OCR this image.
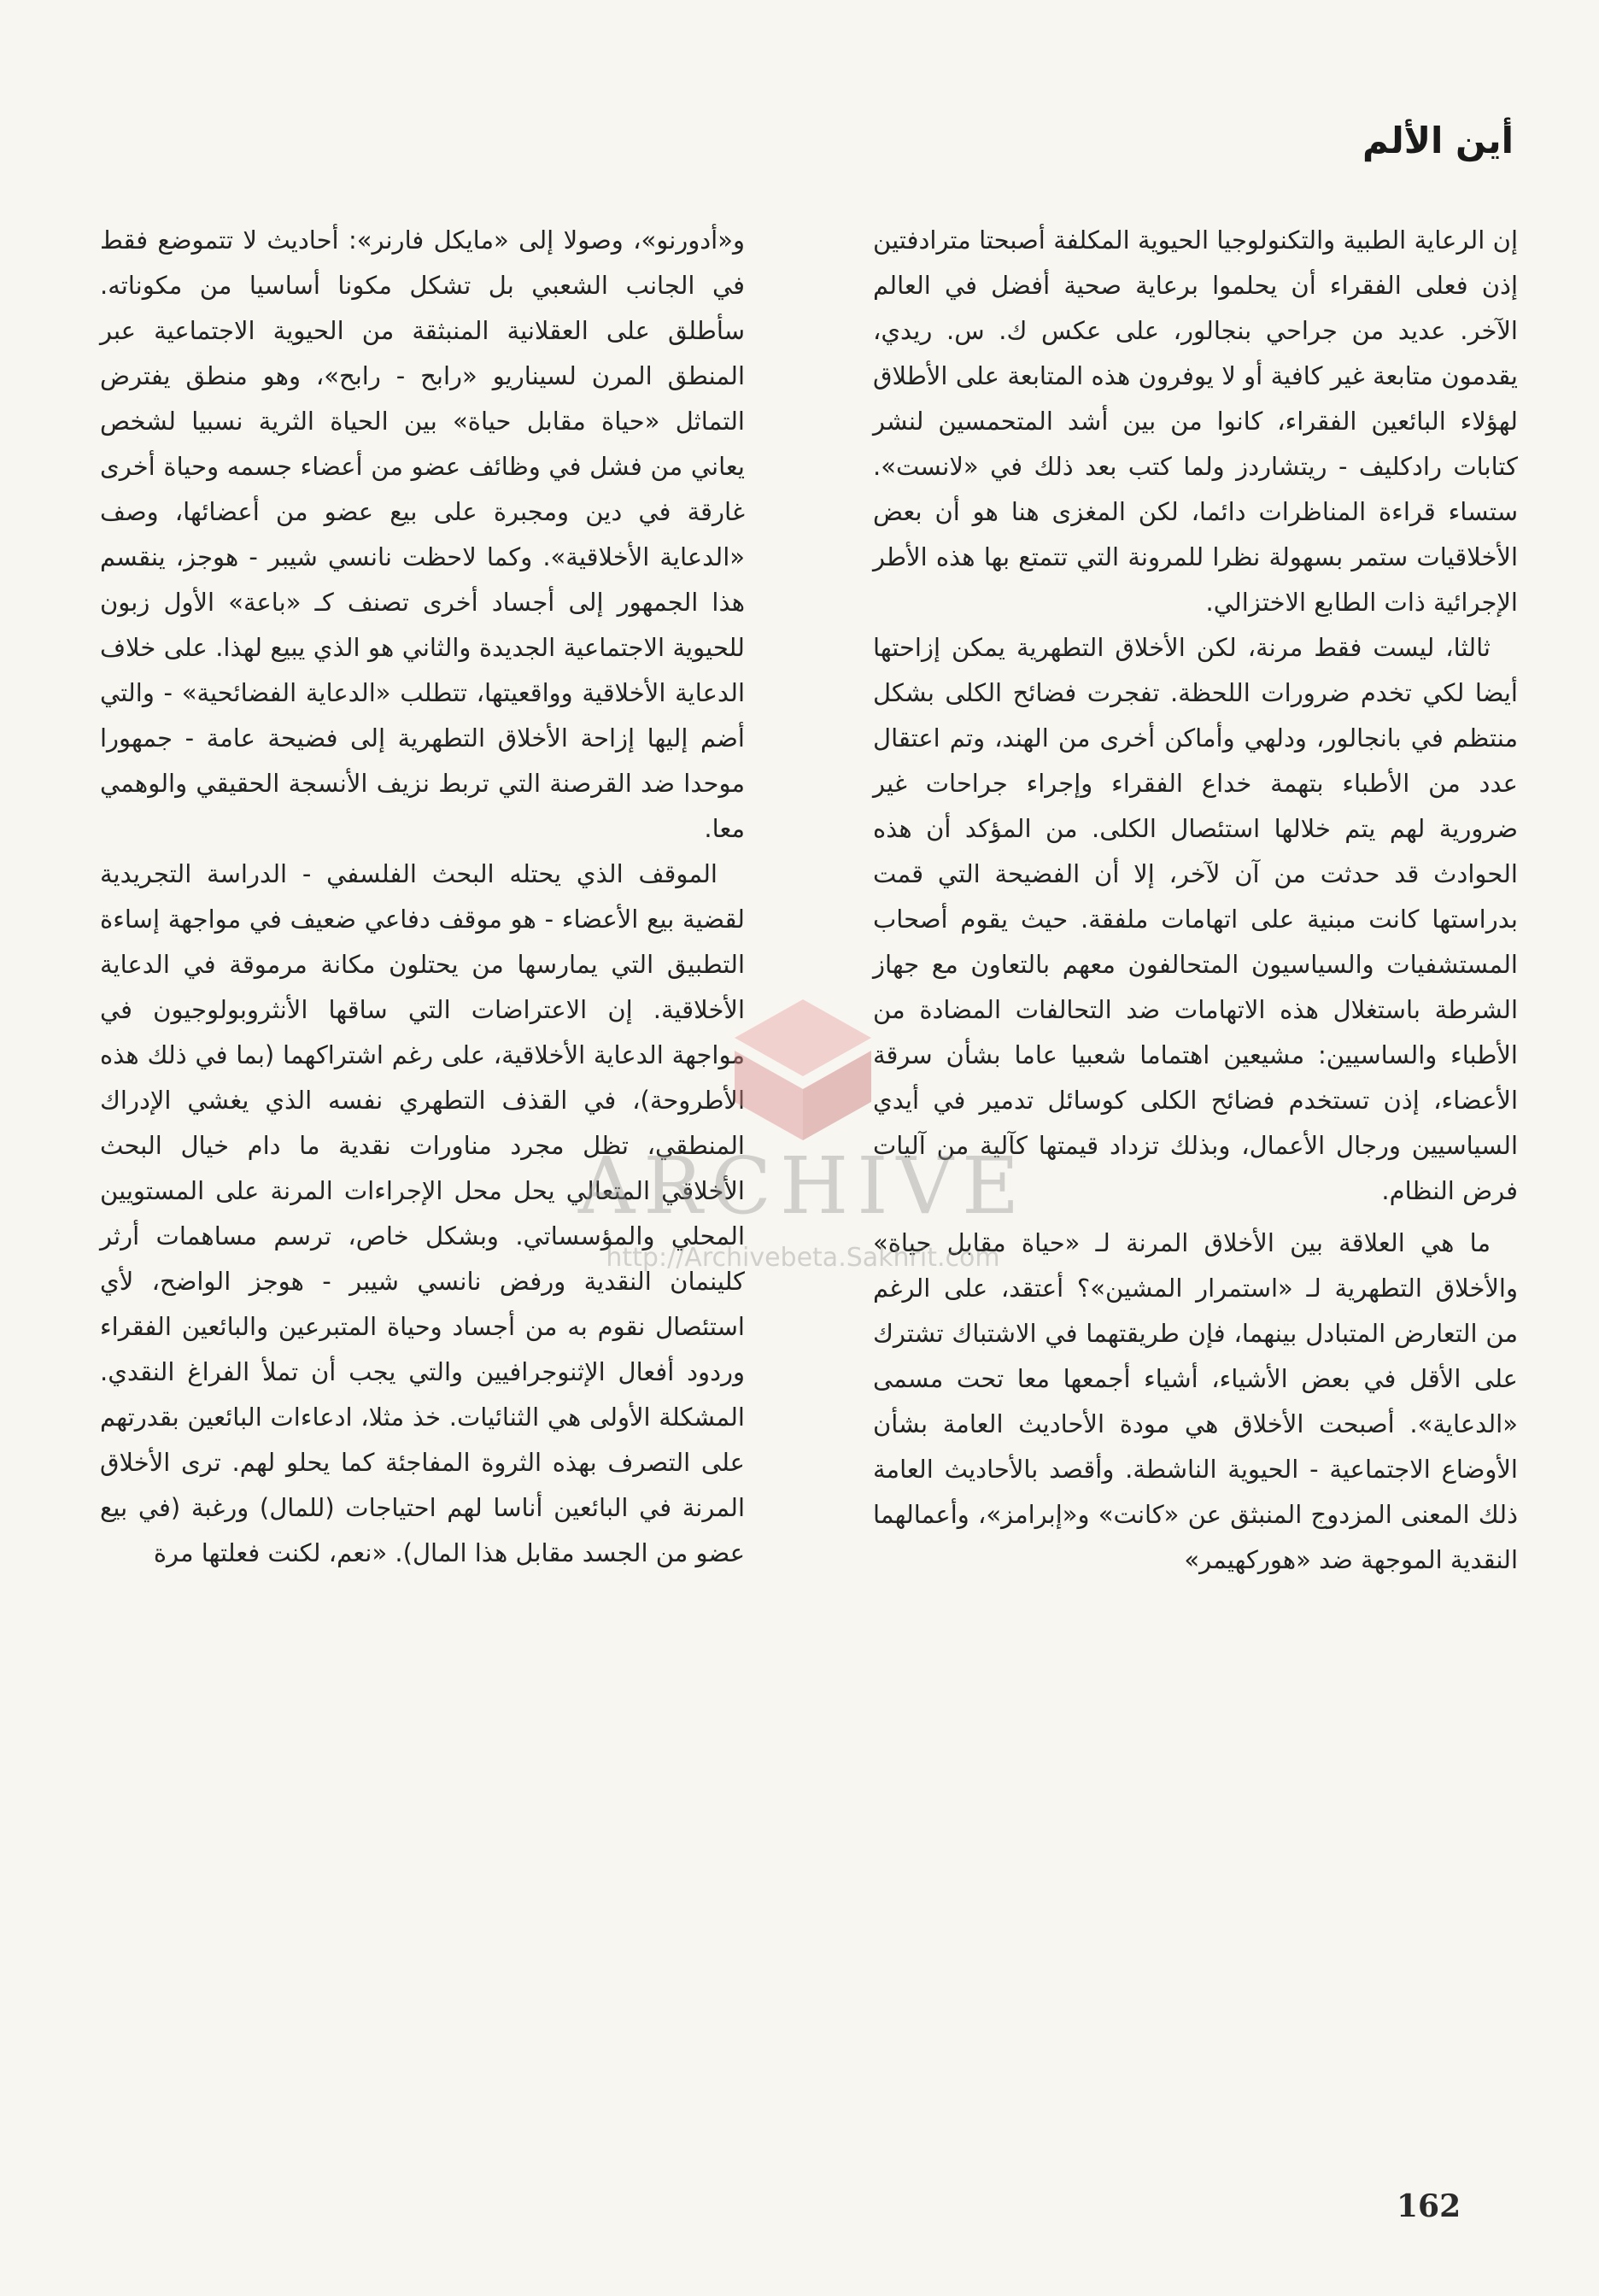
أين الألم

إن الرعاية الطبية والتكنولوجيا الحيوية المكلفة أصبحتا مترادفتين إذن فعلى الفقراء أن يحلموا برعاية صحية أفضل في العالم الآخر. عديد من جراحي بنجالور، على عكس ك. س. ريدي، يقدمون متابعة غير كافية أو لا يوفرون هذه المتابعة على الأطلاق لهؤلاء البائعين الفقراء، كانوا من بين أشد المتحمسين لنشر كتابات رادكليف - ريتشاردز ولما كتب بعد ذلك في «لانست». ستساء قراءة المناظرات دائما، لكن المغزى هنا هو أن بعض الأخلاقيات ستمر بسهولة نظرا للمرونة التي تتمتع بها هذه الأطر الإجرائية ذات الطابع الاختزالي.

ثالثا، ليست فقط مرنة، لكن الأخلاق التطهرية يمكن إزاحتها أيضا لكي تخدم ضرورات اللحظة. تفجرت فضائح الكلى بشكل منتظم في بانجالور، ودلهي وأماكن أخرى من الهند، وتم اعتقال عدد من الأطباء بتهمة خداع الفقراء وإجراء جراحات غير ضرورية لهم يتم خلالها استئصال الكلى. من المؤكد أن هذه الحوادث قد حدثت من آن لآخر، إلا أن الفضيحة التي قمت بدراستها كانت مبنية على اتهامات ملفقة. حيث يقوم أصحاب المستشفيات والسياسيون المتحالفون معهم بالتعاون مع جهاز الشرطة باستغلال هذه الاتهامات ضد التحالفات المضادة من الأطباء والساسيين: مشيعين اهتماما شعبيا عاما بشأن سرقة الأعضاء، إذن تستخدم فضائح الكلى كوسائل تدمير في أيدي السياسيين ورجال الأعمال، وبذلك تزداد قيمتها كآلية من آليات فرض النظام.

ما هي العلاقة بين الأخلاق المرنة لـ «حياة مقابل حياة» والأخلاق التطهرية لـ «استمرار المشين»؟ أعتقد، على الرغم من التعارض المتبادل بينهما، فإن طريقتهما في الاشتباك تشترك على الأقل في بعض الأشياء، أشياء أجمعها معا تحت مسمى «الدعاية». أصبحت الأخلاق هي مودة الأحاديث العامة بشأن الأوضاع الاجتماعية - الحيوية الناشطة. وأقصد بالأحاديث العامة ذلك المعنى المزدوج المنبثق عن «كانت» و«إبرامز»، وأعمالهما النقدية الموجهة ضد «هوركهيمر»

و«أدورنو»، وصولا إلى «مايكل فارنر»: أحاديث لا تتموضع فقط في الجانب الشعبي بل تشكل مكونا أساسيا من مكوناته. سأطلق على العقلانية المنبثقة من الحيوية الاجتماعية عبر المنطق المرن لسيناريو «رابح - رابح»، وهو منطق يفترض التماثل «حياة مقابل حياة» بين الحياة الثرية نسبيا لشخص يعاني من فشل في وظائف عضو من أعضاء جسمه وحياة أخرى غارقة في دين ومجبرة على بيع عضو من أعضائها، وصف «الدعاية الأخلاقية». وكما لاحظت نانسي شيبر - هوجز، ينقسم هذا الجمهور إلى أجساد أخرى تصنف كـ «باعة» الأول زبون للحيوية الاجتماعية الجديدة والثاني هو الذي يبيع لهذا. على خلاف الدعاية الأخلاقية وواقعيتها، تتطلب «الدعاية الفضائحية» - والتي أضم إليها إزاحة الأخلاق التطهرية إلى فضيحة عامة - جمهورا موحدا ضد القرصنة التي تربط نزيف الأنسجة الحقيقي والوهمي معا.

الموقف الذي يحتله البحث الفلسفي - الدراسة التجريدية لقضية بيع الأعضاء - هو موقف دفاعي ضعيف في مواجهة إساءة التطبيق التي يمارسها من يحتلون مكانة مرموقة في الدعاية الأخلاقية. إن الاعتراضات التي ساقها الأنثروبولوجيون في مواجهة الدعاية الأخلاقية، على رغم اشتراكهما (بما في ذلك هذه الأطروحة)، في القذف التطهري نفسه الذي يغشي الإدراك المنطقي، تظل مجرد مناورات نقدية ما دام خيال البحث الأخلاقي المتعالي يحل محل الإجراءات المرنة على المستويين المحلي والمؤسساتي. وبشكل خاص، ترسم مساهمات أرثر كلينمان النقدية ورفض نانسي شيبر - هوجز الواضح، لأي استئصال نقوم به من أجساد وحياة المتبرعين والبائعين الفقراء وردود أفعال الإثنوجرافيين والتي يجب أن تملأ الفراغ النقدي. المشكلة الأولى هي الثنائيات. خذ مثلا، ادعاءات البائعين بقدرتهم على التصرف بهذه الثروة المفاجئة كما يحلو لهم. ترى الأخلاق المرنة في البائعين أناسا لهم احتياجات (للمال) ورغبة (في بيع عضو من الجسد مقابل هذا المال). «نعم، لكنت فعلتها مرة

ARCHIVE
http://Archivebeta.Sakhrit.com
162
